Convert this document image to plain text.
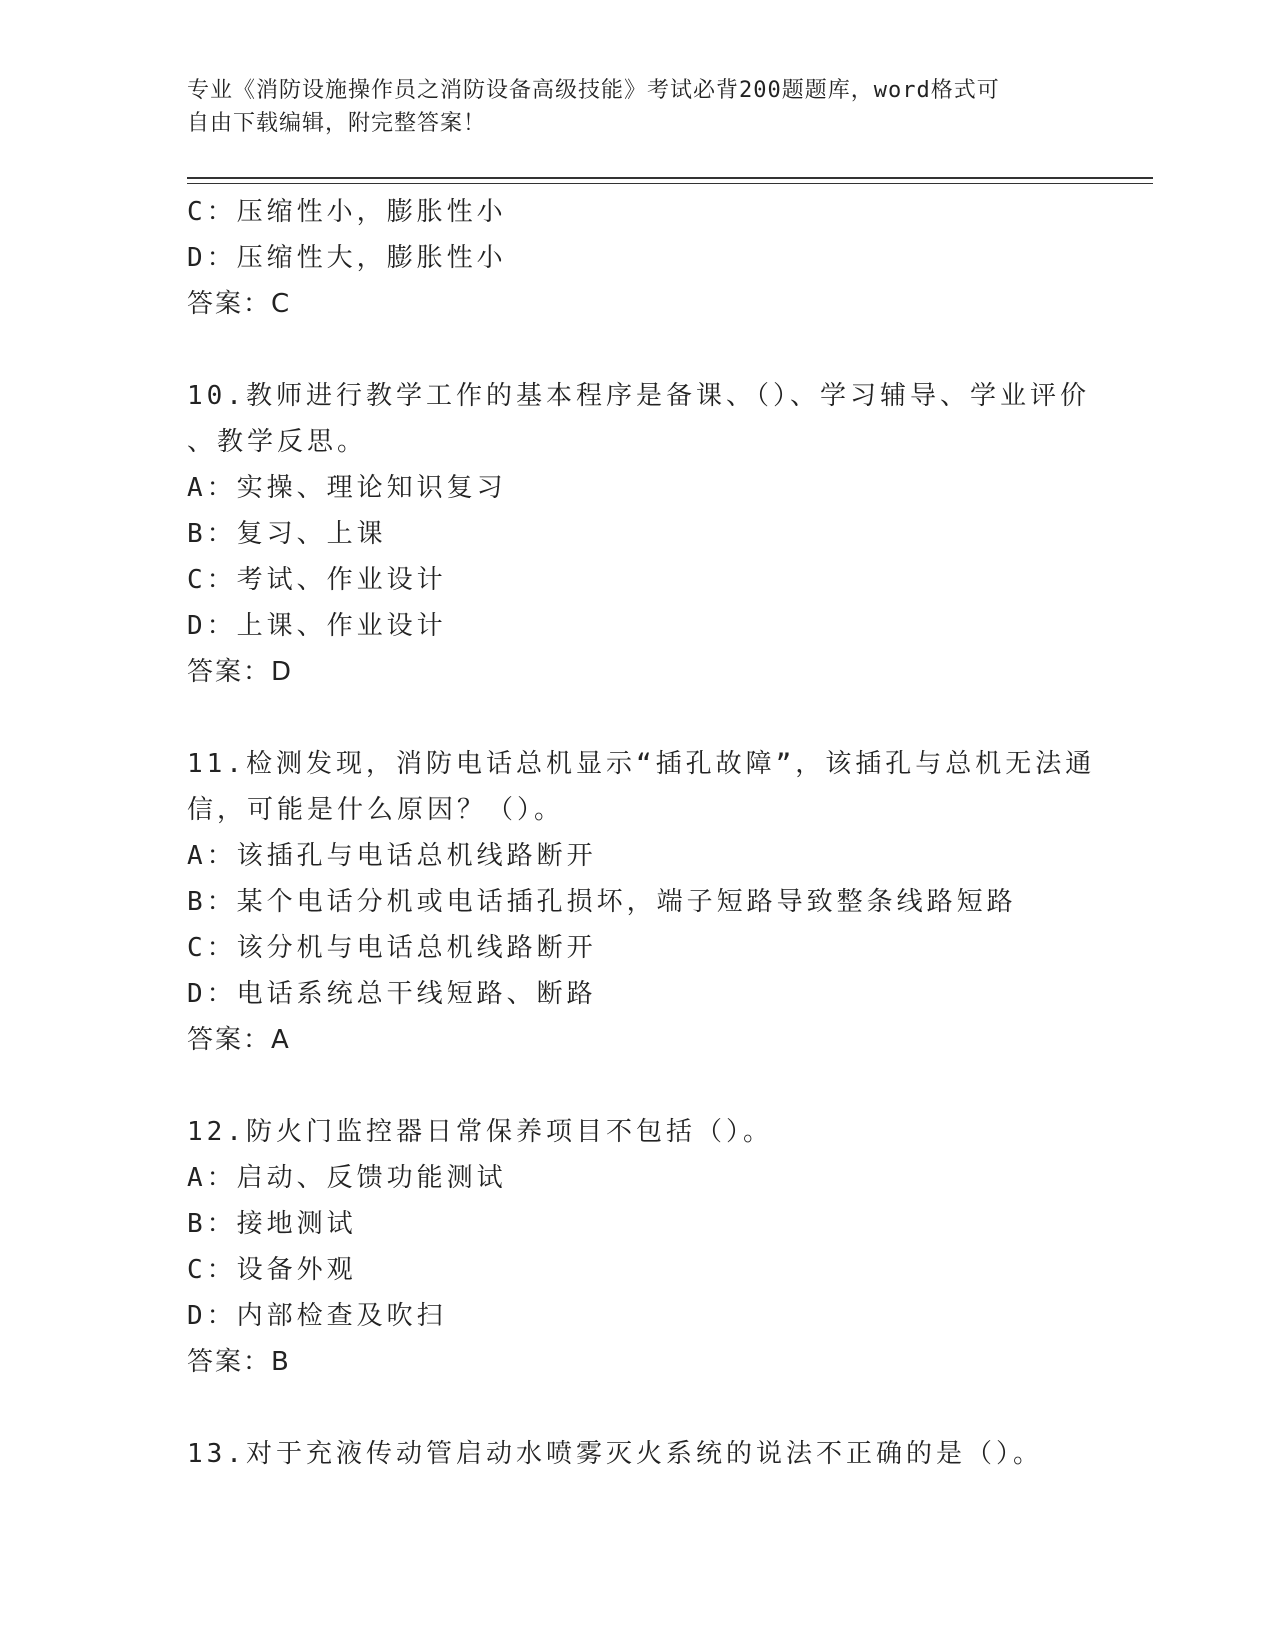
专业《消防设施操作员之消防设备高级技能》考试必背200题题库，word格式可
自由下载编辑，附完整答案！
C：压缩性小，膨胀性小
D：压缩性大，膨胀性小
答案：C
10.教师进行教学工作的基本程序是备课、（）、学习辅导、学业评价
、教学反思。
A：实操、理论知识复习
B：复习、上课
C：考试、作业设计
D：上课、作业设计
答案：D
11.检测发现，消防电话总机显示“插孔故障”，该插孔与总机无法通
信，可能是什么原因？（）。
A：该插孔与电话总机线路断开
B：某个电话分机或电话插孔损坏，端子短路导致整条线路短路
C：该分机与电话总机线路断开
D：电话系统总干线短路、断路
答案：A
12.防火门监控器日常保养项目不包括（）。
A：启动、反馈功能测试
B：接地测试
C：设备外观
D：内部检查及吹扫
答案：B
13.对于充液传动管启动水喷雾灭火系统的说法不正确的是（）。
